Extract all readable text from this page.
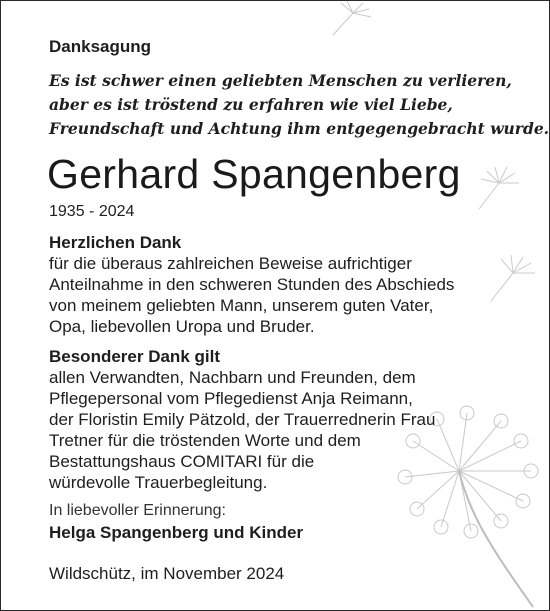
Danksagung

Es ist schwer einen geliebten Menschen zu verlieren,

aber es ist tröstend zu erfahren wie viel Liebe,

Freundschaft und Achtung ihm entgegengebracht wurde.

Gerhard Spangenberg

1935 - 2024

Herzlichen Dank

für die überaus zahlreichen Beweise aufrichtiger

Anteilnahme in den schweren Stunden des Abschieds

von meinem geliebten Mann, unserem guten Vater,

Opa, liebevollen Uropa und Bruder.

Besonderer Dank gilt

allen Verwandten, Nachbarn und Freunden, dem

Pflegepersonal vom Pflegedienst Anja Reimann,

der Floristin Emily Pätzold, der Trauerrednerin Frau

Tretner für die tröstenden Worte und dem

Bestattungshaus COMITARI für die

würdevolle Trauerbegleitung.

In liebevoller Erinnerung:

Helga Spangenberg und Kinder

Wildschütz, im November 2024
